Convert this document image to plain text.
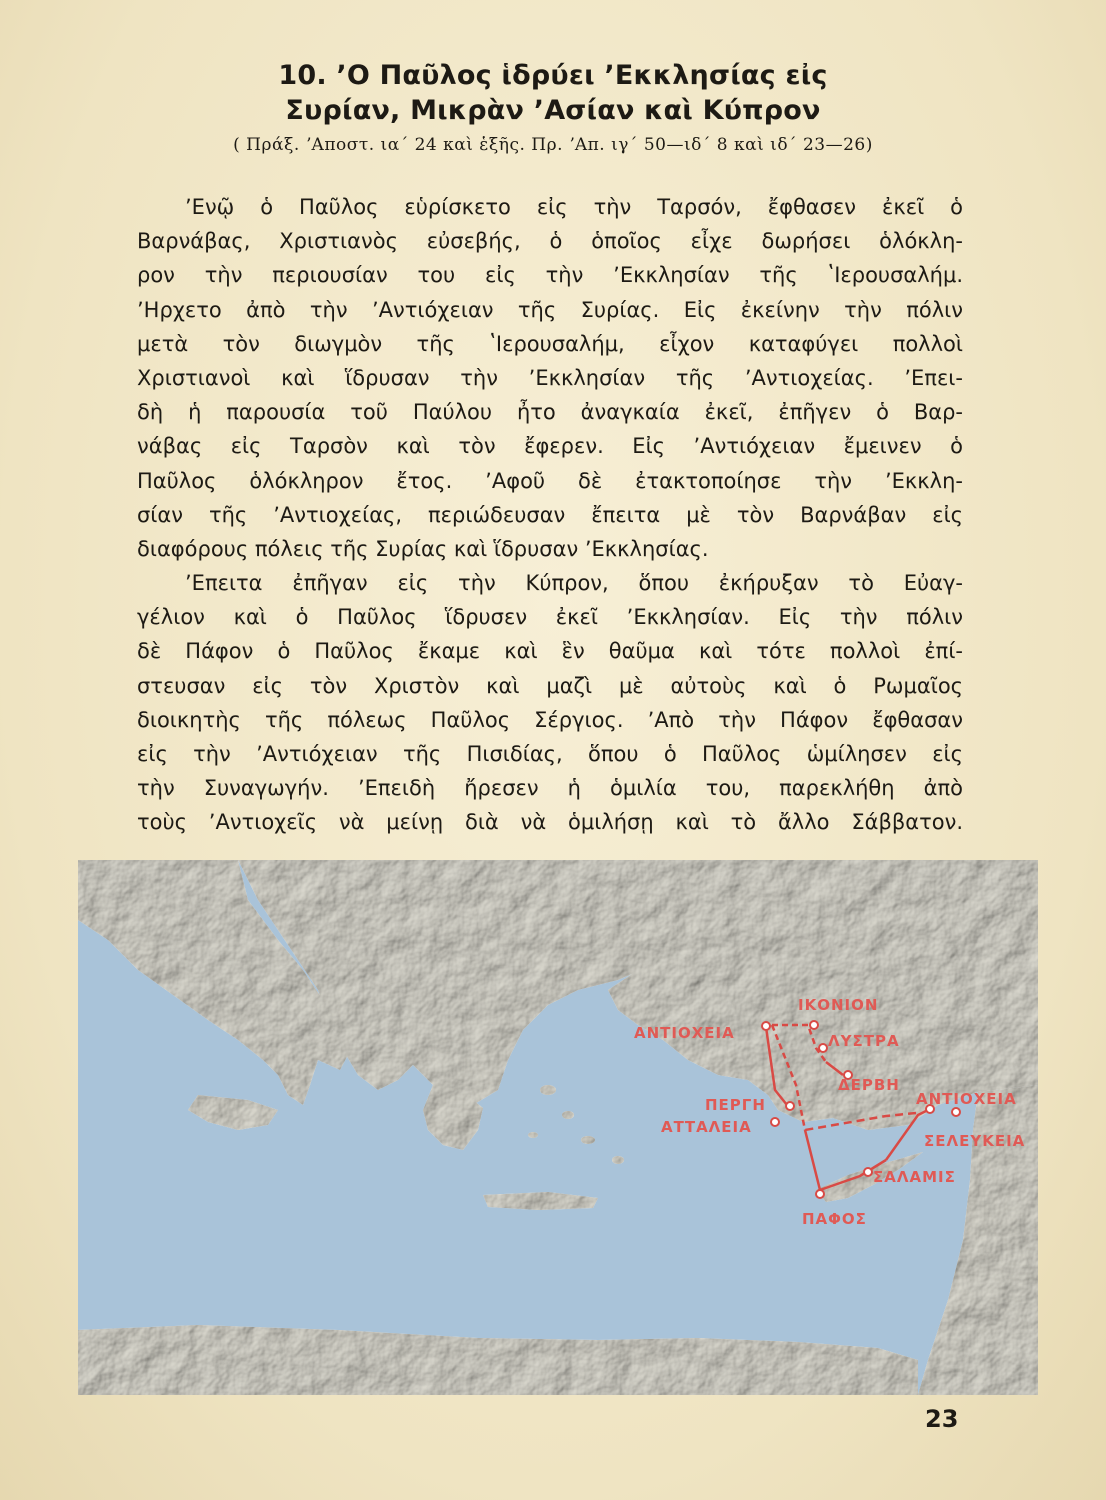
10. ʼΟ Παῦλος ἱδρύει ʼΕκκλησίας εἰς
Συρίαν, Μικρὰν ʼΑσίαν καὶ Κύπρον
( Πράξ. ʼΑποστ. ια΄ 24 καὶ ἑξῆς. Πρ. ʼΑπ. ιγ΄ 50—ιδ΄ 8 καὶ ιδ΄ 23—26)
ʼΕνῷ ὁ Παῦλος εὑρίσκετο εἰς τὴν Ταρσόν, ἔφθασεν ἐκεῖ ὁ
Βαρνάβας, Χριστιανὸς εὐσεβής, ὁ ὁποῖος εἶχε δωρήσει ὁλόκλη-
ρον τὴν περιουσίαν του εἰς τὴν ʼΕκκλησίαν τῆς ʽΙερουσαλήμ.
ʼΗρχετο ἀπὸ τὴν ʼΑντιόχειαν τῆς Συρίας. Εἰς ἐκείνην τὴν πόλιν
μετὰ τὸν διωγμὸν τῆς ʽΙερουσαλήμ, εἶχον καταφύγει πολλοὶ
Χριστιανοὶ καὶ ἵδρυσαν τὴν ʼΕκκλησίαν τῆς ʼΑντιοχείας. ʼΕπει-
δὴ ἡ παρουσία τοῦ Παύλου ἦτο ἀναγκαία ἐκεῖ, ἐπῆγεν ὁ Βαρ-
νάβας εἰς Ταρσὸν καὶ τὸν ἔφερεν. Εἰς ʼΑντιόχειαν ἔμεινεν ὁ
Παῦλος ὁλόκληρον ἔτος. ʼΑφοῦ δὲ ἐτακτοποίησε τὴν ʼΕκκλη-
σίαν τῆς ʼΑντιοχείας, περιώδευσαν ἔπειτα μὲ τὸν Βαρνάβαν εἰς
διαφόρους πόλεις τῆς Συρίας καὶ ἵδρυσαν ʼΕκκλησίας.
ʼΕπειτα ἐπῆγαν εἰς τὴν Κύπρον, ὅπου ἐκήρυξαν τὸ Εὐαγ-
γέλιον καὶ ὁ Παῦλος ἵδρυσεν ἐκεῖ ʼΕκκλησίαν. Εἰς τὴν πόλιν
δὲ Πάφον ὁ Παῦλος ἔκαμε καὶ ἓν θαῦμα καὶ τότε πολλοὶ ἐπί-
στευσαν εἰς τὸν Χριστὸν καὶ μαζὶ μὲ αὐτοὺς καὶ ὁ Ρωμαῖος
διοικητὴς τῆς πόλεως Παῦλος Σέργιος. ʼΑπὸ τὴν Πάφον ἔφθασαν
εἰς τὴν ʼΑντιόχειαν τῆς Πισιδίας, ὅπου ὁ Παῦλος ὡμίλησεν εἰς
τὴν Συναγωγήν. ʼΕπειδὴ ἤρεσεν ἡ ὁμιλία του, παρεκλήθη ἀπὸ
τοὺς ʼΑντιοχεῖς νὰ μείνῃ διὰ νὰ ὁμιλήσῃ καὶ τὸ ἄλλο Σάββατον.
ΙΚΟΝΙΟΝ
ΑΝΤΙΟΧΕΙΑ	ΛΥΣΤΡΑ
ΔΕΡΒΗ
ΠΕΡΓΗ
ΑΤΤΑΛΕΙΑ
ΑΝΤΙΟΧΕΙΑ
ΣΕΛΕΥΚΕΙΑ
ΣΑΛΑΜΙΣ
ΠΑΦΟΣ
23
